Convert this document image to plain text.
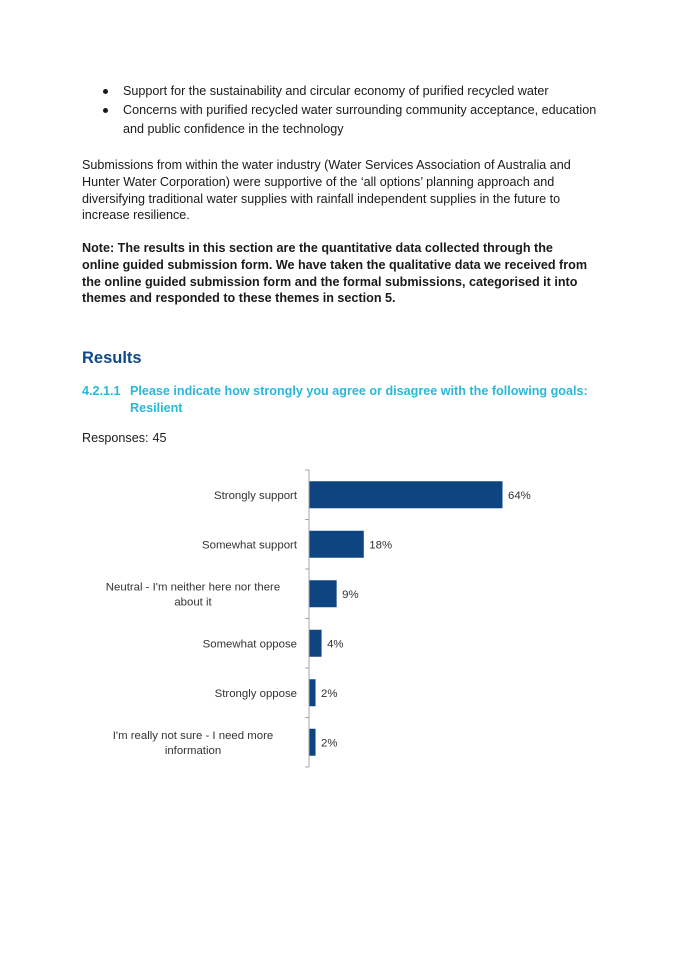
Support for the sustainability and circular economy of purified recycled water
Concerns with purified recycled water surrounding community acceptance, education and public confidence in the technology

Submissions from within the water industry (Water Services Association of Australia and Hunter Water Corporation) were supportive of the ‘all options’ planning approach and diversifying traditional water supplies with rainfall independent supplies in the future to increase resilience.

Note: The results in this section are the quantitative data collected through the online guided submission form. We have taken the qualitative data we received from the online guided submission form and the formal submissions, categorised it into themes and responded to these themes in section 5.

Results
4.2.1.1 Please indicate how strongly you agree or disagree with the following goals: Resilient

Responses: 45

64%
Strongly support
18%
Somewhat support
9%
Neutral - I'm neither here nor there about it
4%
Somewhat oppose
2%
Strongly oppose
2%
I'm really not sure - I need more information
